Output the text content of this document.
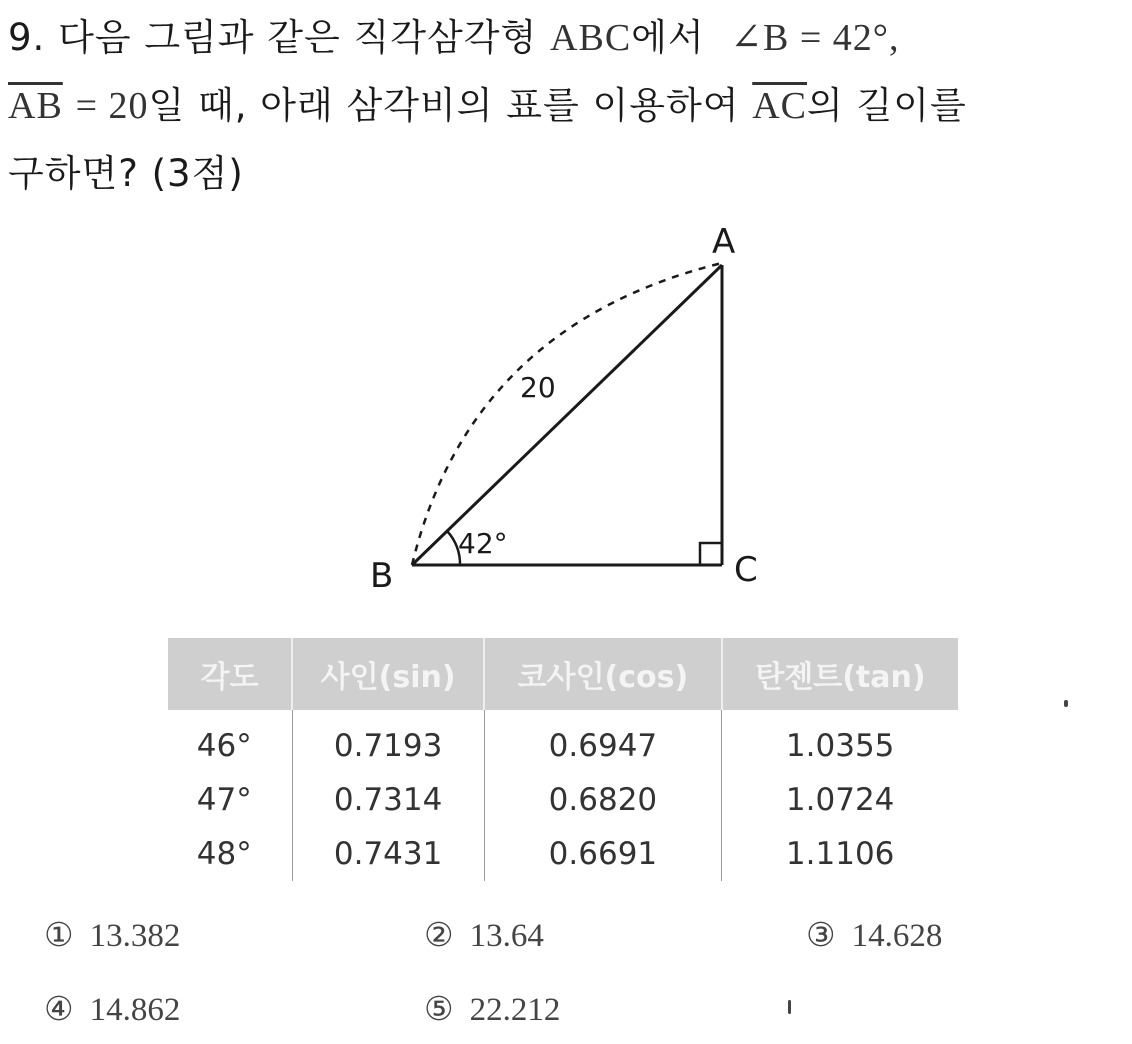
9. 다음 그림과 같은 직각삼각형 ABC에서 ∠B = 42°,
$\overline{AB} = 20$일 때, 아래 삼각비의 표를 이용하여 $\overline{AC}$의 길이를
구하면? (3점)
A
B	C
20
42°
각도	사인(sin)	코사인(cos)	탄젠트(tan)
46°	0.7193	0.6947	1.0355
47°	0.7314	0.6820	1.0724
48°	0.7431	0.6691	1.1106
① 13.382	② 13.64	③ 14.628
④ 14.862	⑤ 22.212
